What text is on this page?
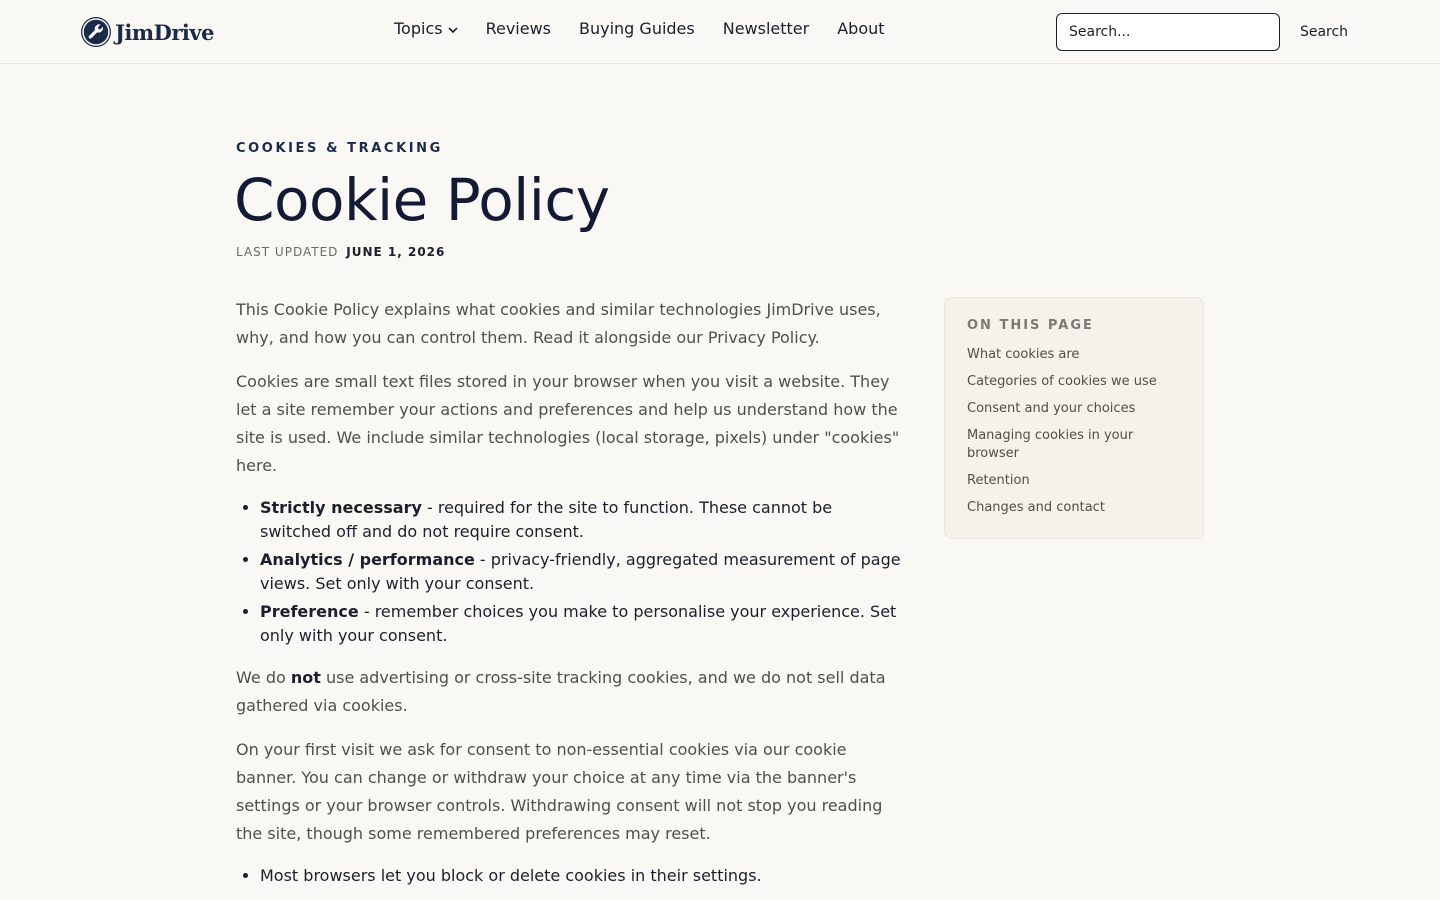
JimDrive	Topics	Reviews Buying Guides Newsletter About
Search...	Search
COOKIES & TRACKING
Cookie Policy
LAST UPDATED JUNE 1, 2026

This Cookie Policy explains what cookies and similar technologies JimDrive uses, why, and how you can control them. Read it alongside our Privacy Policy.

Cookies are small text files stored in your browser when you visit a website. They let a site remember your actions and preferences and help us understand how the site is used. We include similar technologies (local storage, pixels) under "cookies" here.

• Strictly necessary - required for the site to function. These cannot be switched off and do not require consent.
• Analytics / performance - privacy-friendly, aggregated measurement of page views. Set only with your consent.
• Preference - remember choices you make to personalise your experience. Set only with your consent.

We do not use advertising or cross-site tracking cookies, and we do not sell data gathered via cookies.

On your first visit we ask for consent to non-essential cookies via our cookie banner. You can change or withdraw your choice at any time via the banner's settings or your browser controls. Withdrawing consent will not stop you reading the site, though some remembered preferences may reset.

• Most browsers let you block or delete cookies in their settings.
ON THIS PAGE
What cookies are
Categories of cookies we use
Consent and your choices
Managing cookies in your browser
Retention
Changes and contact
